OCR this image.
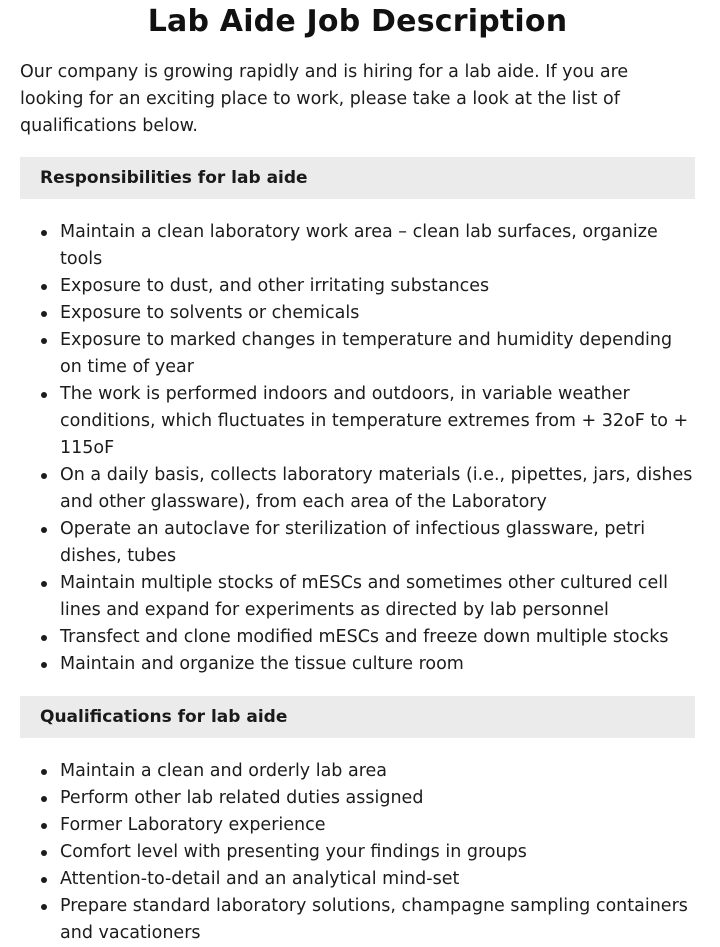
Lab Aide Job Description

Our company is growing rapidly and is hiring for a lab aide. If you are looking for an exciting place to work, please take a look at the list of qualifications below.

Responsibilities for lab aide
Maintain a clean laboratory work area – clean lab surfaces, organize tools
Exposure to dust, and other irritating substances
Exposure to solvents or chemicals
Exposure to marked changes in temperature and humidity depending on time of year
The work is performed indoors and outdoors, in variable weather conditions, which fluctuates in temperature extremes from + 32oF to + 115oF
On a daily basis, collects laboratory materials (i.e., pipettes, jars, dishes and other glassware), from each area of the Laboratory
Operate an autoclave for sterilization of infectious glassware, petri dishes, tubes
Maintain multiple stocks of mESCs and sometimes other cultured cell lines and expand for experiments as directed by lab personnel
Transfect and clone modified mESCs and freeze down multiple stocks
Maintain and organize the tissue culture room
Qualifications for lab aide
Maintain a clean and orderly lab area
Perform other lab related duties assigned
Former Laboratory experience
Comfort level with presenting your findings in groups
Attention-to-detail and an analytical mind-set
Prepare standard laboratory solutions, champagne sampling containers and vacationers
